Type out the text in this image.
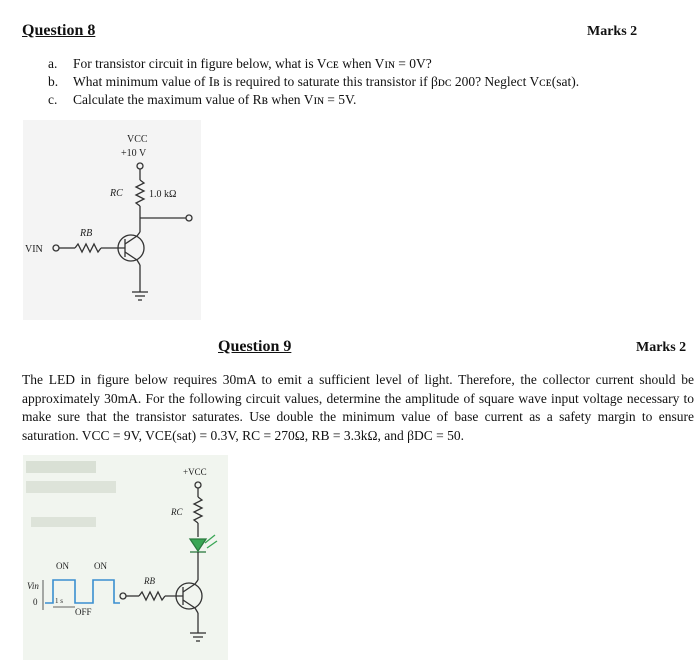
Question 8	Marks 2
a.	For transistor circuit in figure below, what is Vᴄᴇ when Vɪɴ = 0V?
b.	What minimum value of Iʙ is required to saturate this transistor if βᴅᴄ 200? Neglect Vᴄᴇ(sat).
c.	Calculate the maximum value of Rʙ when Vɪɴ = 5V.
VCC
+10 V
RC	1.0 kΩ
RB
VIN
Question 9	Marks 2
The LED in figure below requires 30mA to emit a sufficient level of light. Therefore, the collector current should be approximately 30mA. For the following circuit values, determine the amplitude of square wave input voltage necessary to make sure that the transistor saturates. Use double the minimum value of base current as a safety margin to ensure saturation. VCC = 9V, VCE(sat) = 0.3V, RC = 270Ω, RB = 3.3kΩ, and βDC = 50.
+VCC
RC
RB
ON	ON
Vin
0	1 s
OFF
